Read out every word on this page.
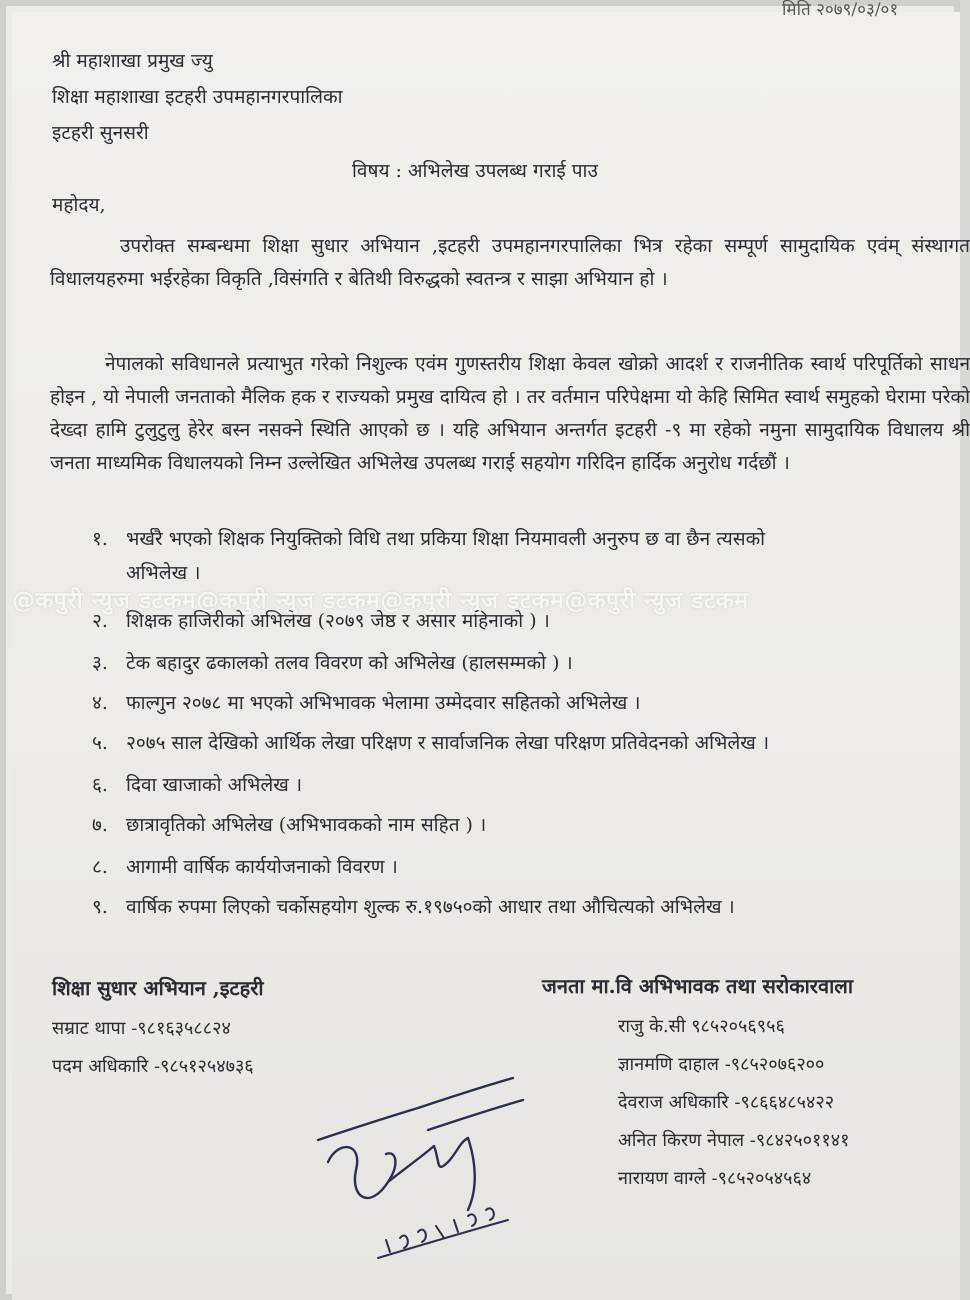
मिति २०७९/०३/०१
श्री महाशाखा प्रमुख ज्यु
शिक्षा महाशाखा इटहरी उपमहानगरपालिका
इटहरी सुनसरी
विषय : अभिलेख उपलब्ध गराई पाउ
महोदय,
उपरोक्त सम्बन्धमा शिक्षा सुधार अभियान ,इटहरी उपमहानगरपालिका भित्र रहेका सम्पूर्ण सामुदायिक एवंम् संस्थागत विधालयहरुमा भईरहेका विकृति ,विसंगति र बेतिथी विरुद्धको स्वतन्त्र र साझा अभियान हो ।
नेपालको सविधानले प्रत्याभुत गरेको निशुल्क एवंम गुणस्तरीय शिक्षा केवल खोक्रो आदर्श र राजनीतिक स्वार्थ परिपूर्तिको साधन होइन , यो नेपाली जनताको मैलिक हक र राज्यको प्रमुख दायित्व हो । तर वर्तमान परिपेक्षमा यो केहि सिमित स्वार्थ समुहको घेरामा परेको देख्दा हामि टुलुटुलु हेरेर बस्न नसक्ने स्थिति आएको छ । यहि अभियान अन्तर्गत इटहरी -९ मा रहेको नमुना सामुदायिक विधालय श्री जनता माध्यमिक विधालयको निम्न उल्लेखित अभिलेख उपलब्ध गराई सहयोग गरिदिन हार्दिक अनुरोध गर्दछौं ।
१. भर्खरै भएको शिक्षक नियुक्तिको विधि तथा प्रकिया शिक्षा नियमावली अनुरुप छ वा छैन त्यसको
अभिलेख ।
२. शिक्षक हाजिरीको अभिलेख (२०७९ जेष्ठ र असार महिनाको ) ।
३. टेक बहादुर ढकालको तलव विवरण को अभिलेख (हालसम्मको ) ।
४. फाल्गुन २०७८ मा भएको अभिभावक भेलामा उम्मेदवार सहितको अभिलेख ।
५. २०७५ साल देखिको आर्थिक लेखा परिक्षण र सार्वाजनिक लेखा परिक्षण प्रतिवेदनको अभिलेख ।
६. दिवा खाजाको अभिलेख ।
७. छात्रावृतिको अभिलेख (अभिभावकको नाम सहित ) ।
८. आगामी वार्षिक कार्ययोजनाको विवरण ।
९. वार्षिक रुपमा लिएको चर्कोसहयोग शुल्क रु.१९७५०को आधार तथा औचित्यको अभिलेख ।
@कपुरी न्युज डटकम@कपुरी न्युज डटकम@कपुरी न्युज डटकम@कपुरी न्युज डटकम
शिक्षा सुधार अभियान ,इटहरी
सम्राट थापा -९८१६३५८८२४
पदम अधिकारि -९८५१२५४७३६
जनता मा.वि अभिभावक तथा सरोकारवाला
राजु के.सी ९८५२०५६९५६
ज्ञानमणि दाहाल -९८५२०७६२००
देवराज अधिकारि -९८६६४८५४२२
अनित किरण नेपाल -९८४२५०११४१
नारायण वाग्ले -९८५२०५४५६४
